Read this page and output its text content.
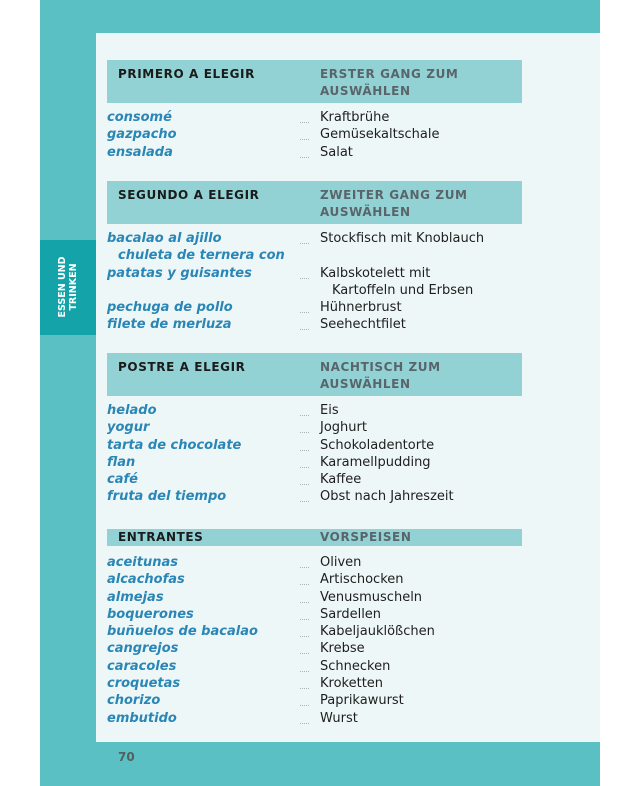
ESSEN UND TRINKEN
PRIMERO A ELEGIR	ERSTER GANG ZUM AUSWÄHLEN
consomé	Kraftbrühe
gazpacho	Gemüsekaltschale
ensalada	Salat
SEGUNDO A ELEGIR	ZWEITER GANG ZUM AUSWÄHLEN
bacalao al ajillo	Stockfisch mit Knoblauch
chuleta de ternera con
patatas y guisantes	Kalbskotelett mit
Kartoffeln und Erbsen
pechuga de pollo	Hühnerbrust
filete de merluza	Seehechtfilet
POSTRE A ELEGIR	NACHTISCH ZUM AUSWÄHLEN
helado	Eis
yogur	Joghurt
tarta de chocolate	Schokoladentorte
flan	Karamellpudding
café	Kaffee
fruta del tiempo	Obst nach Jahreszeit
ENTRANTES	VORSPEISEN
aceitunas	Oliven
alcachofas	Artischocken
almejas	Venusmuscheln
boquerones	Sardellen
buñuelos de bacalao	Kabeljauklößchen
cangrejos	Krebse
caracoles	Schnecken
croquetas	Kroketten
chorizo	Paprikawurst
embutido	Wurst
70
